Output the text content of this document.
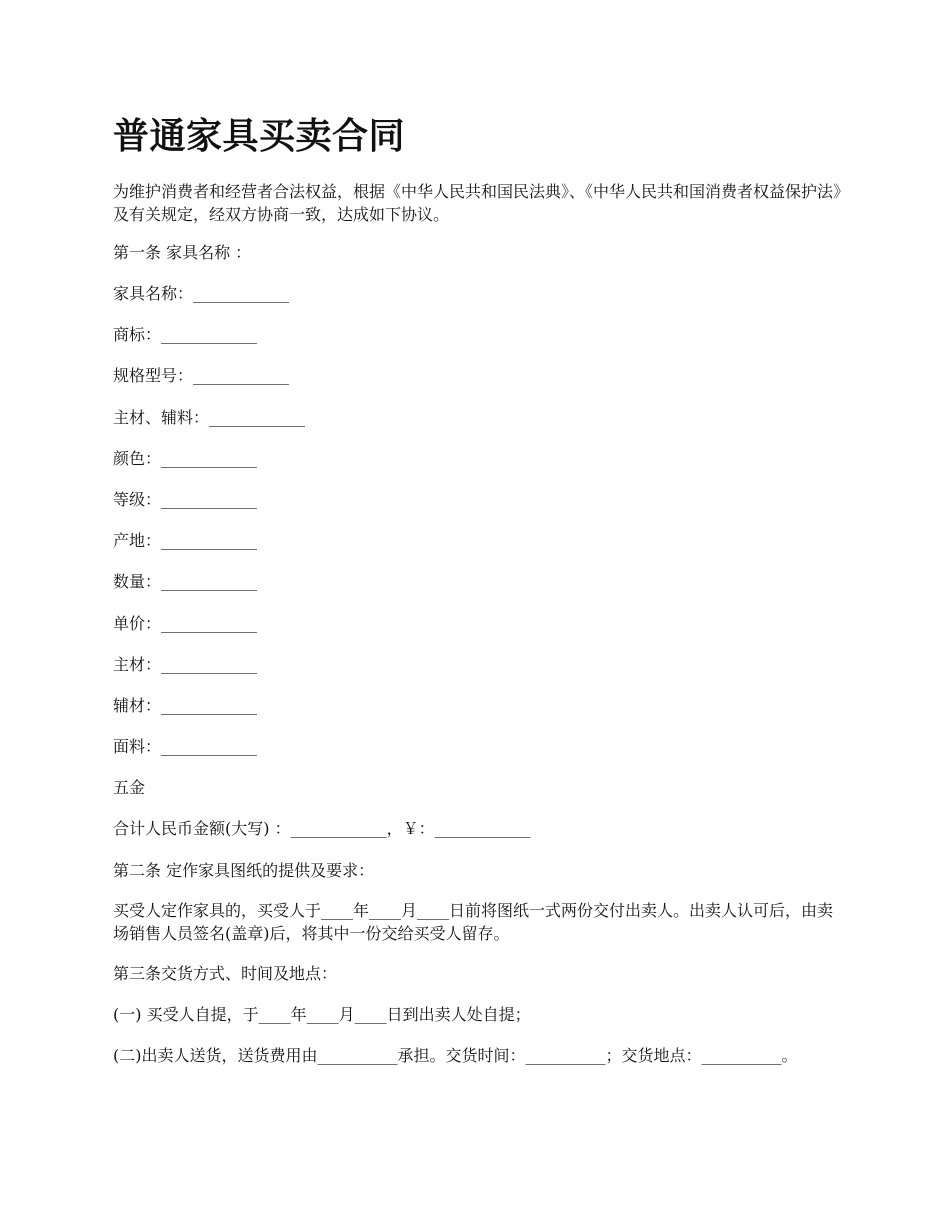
普通家具买卖合同

为维护消费者和经营者合法权益，根据《中华人民共和国民法典》、《中华人民共和国消费者权益保护法》及有关规定，经双方协商一致，达成如下协议。

第一条 家具名称 ：

家具名称：____________

商标：____________

规格型号：____________

主材、辅料：____________

颜色：____________

等级：____________

产地：____________

数量：____________

单价：____________

主材：____________

辅材：____________

面料：____________

五金

合计人民币金额(大写) ：____________，￥：____________

第二条 定作家具图纸的提供及要求：

买受人定作家具的，买受人于____年____月____日前将图纸一式两份交付出卖人。出卖人认可后，由卖场销售人员签名(盖章)后，将其中一份交给买受人留存。

第三条交货方式、时间及地点：

(一) 买受人自提，于____年____月____日到出卖人处自提；

(二)出卖人送货，送货费用由__________承担。交货时间：__________；交货地点：__________。
